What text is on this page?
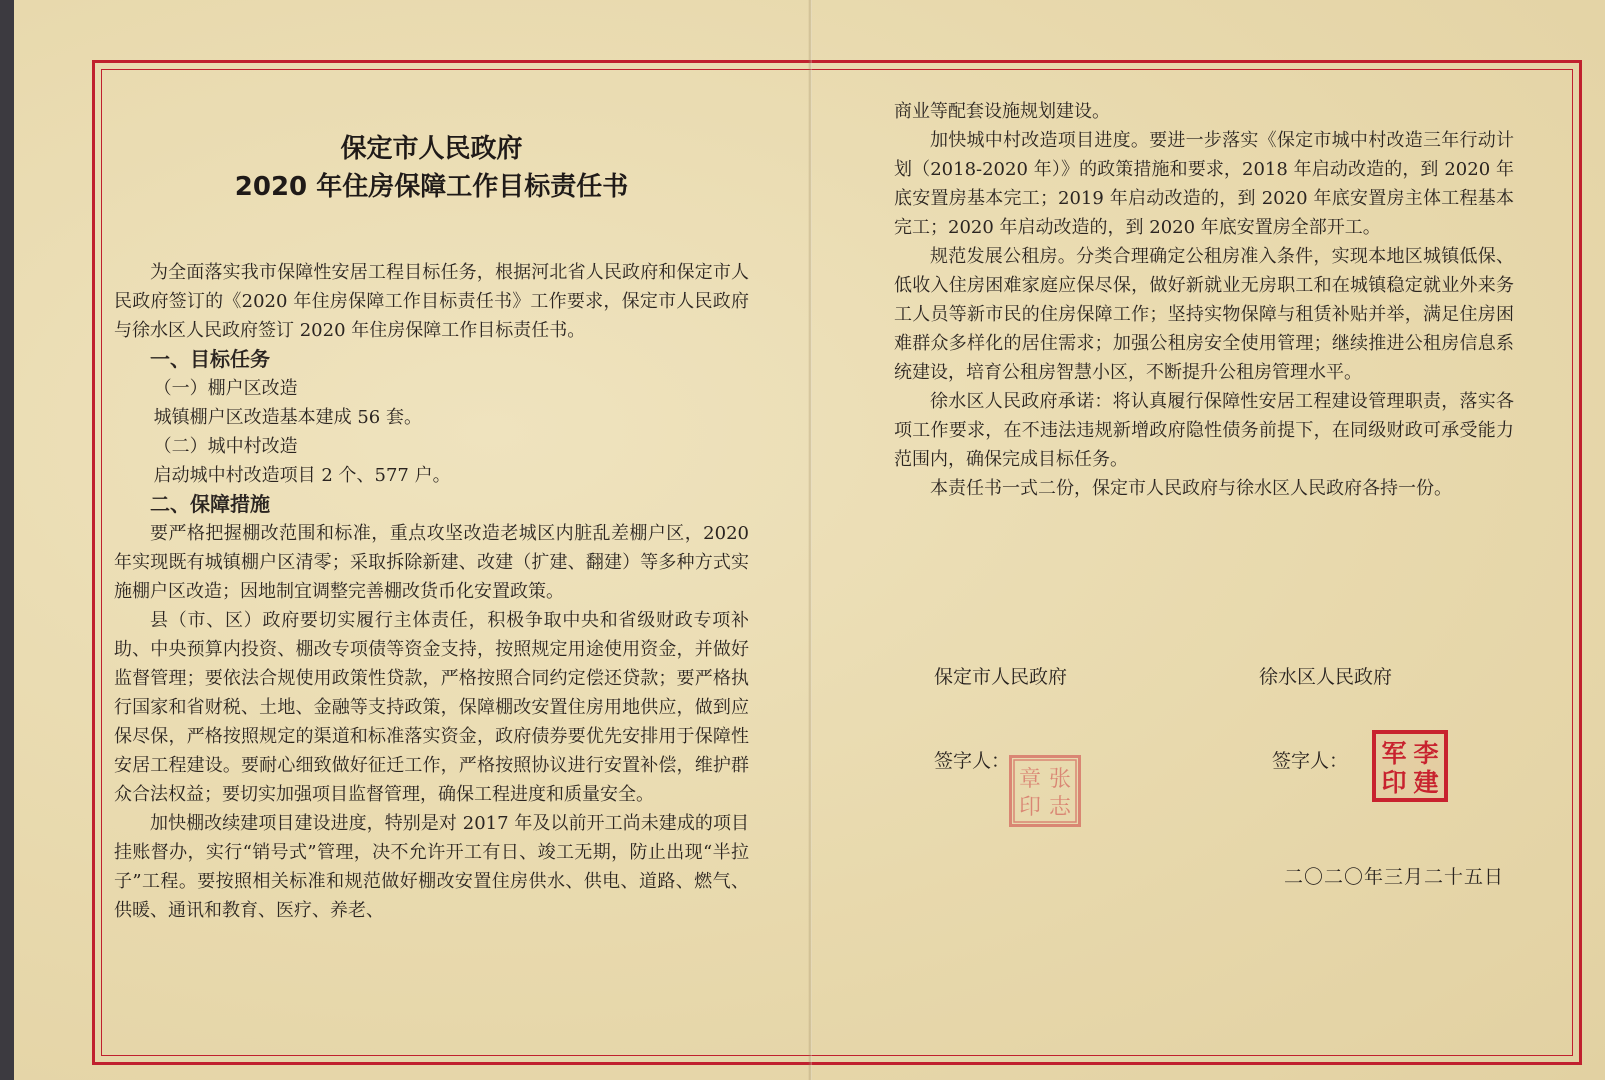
保定市人民政府
2020 年住房保障工作目标责任书

为全面落实我市保障性安居工程目标任务，根据河北省人民政府和保定市人民政府签订的《2020 年住房保障工作目标责任书》工作要求，保定市人民政府与徐水区人民政府签订 2020 年住房保障工作目标责任书。

一、目标任务

（一）棚户区改造

城镇棚户区改造基本建成 56 套。

（二）城中村改造

启动城中村改造项目 2 个、577 户。

二、保障措施

要严格把握棚改范围和标准，重点攻坚改造老城区内脏乱差棚户区，2020 年实现既有城镇棚户区清零；采取拆除新建、改建（扩建、翻建）等多种方式实施棚户区改造；因地制宜调整完善棚改货币化安置政策。

县（市、区）政府要切实履行主体责任，积极争取中央和省级财政专项补助、中央预算内投资、棚改专项债等资金支持，按照规定用途使用资金，并做好监督管理；要依法合规使用政策性贷款，严格按照合同约定偿还贷款；要严格执行国家和省财税、土地、金融等支持政策，保障棚改安置住房用地供应，做到应保尽保，严格按照规定的渠道和标准落实资金，政府债券要优先安排用于保障性安居工程建设。要耐心细致做好征迁工作，严格按照协议进行安置补偿，维护群众合法权益；要切实加强项目监督管理，确保工程进度和质量安全。

加快棚改续建项目建设进度，特别是对 2017 年及以前开工尚未建成的项目挂账督办，实行“销号式”管理，决不允许开工有日、竣工无期，防止出现“半拉子”工程。要按照相关标准和规范做好棚改安置住房供水、供电、道路、燃气、供暖、通讯和教育、医疗、养老、

商业等配套设施规划建设。

加快城中村改造项目进度。要进一步落实《保定市城中村改造三年行动计划（2018-2020 年）》的政策措施和要求，2018 年启动改造的，到 2020 年底安置房基本完工；2019 年启动改造的，到 2020 年底安置房主体工程基本完工；2020 年启动改造的，到 2020 年底安置房全部开工。

规范发展公租房。分类合理确定公租房准入条件，实现本地区城镇低保、低收入住房困难家庭应保尽保，做好新就业无房职工和在城镇稳定就业外来务工人员等新市民的住房保障工作；坚持实物保障与租赁补贴并举，满足住房困难群众多样化的居住需求；加强公租房安全使用管理；继续推进公租房信息系统建设，培育公租房智慧小区，不断提升公租房管理水平。

徐水区人民政府承诺：将认真履行保障性安居工程建设管理职责，落实各项工作要求，在不违法违规新增政府隐性债务前提下，在同级财政可承受能力范围内，确保完成目标任务。

本责任书一式二份，保定市人民政府与徐水区人民政府各持一份。

保定市人民政府	徐水区人民政府
签字人：	签字人：
张
志
章
印
李
建
军
印
二〇二〇年三月二十五日
